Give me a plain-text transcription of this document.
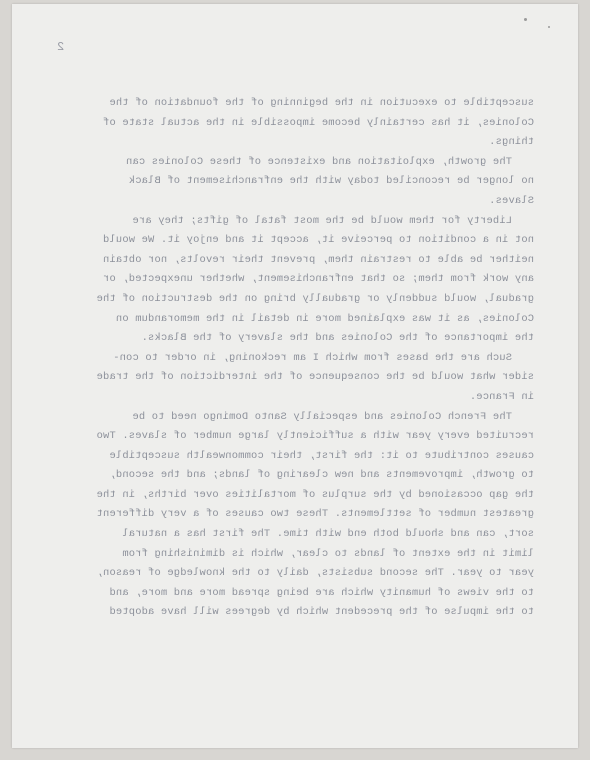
2
susceptible to execution in the beginning of the foundation of the
Colonies, it has certainly become impossible in the actual state of
things.
The growth, exploitation and existence of these Colonies can
no longer be reconciled today with the enfranchisement of Black
Slaves.
Liberty for them would be the most fatal of gifts; they are
not in a condition to perceive it, accept it and enjoy it. We would
neither be able to restrain them, prevent their revolts, nor obtain
any work from them; so that enfranchisement, whether unexpected, or
gradual, would suddenly or gradually bring on the destruction of the
Colonies, as it was explained more in detail in the memorandum on
the importance of the Colonies and the slavery of the Blacks.
Such are the bases from which I am reckoning, in order to con-
sider what would be the consequence of the interdiction of the trade
in France.
The French Colonies and especially Santo Domingo need to be
recruited every year with a sufficiently large number of slaves. Two
causes contribute to it: the first, their commonwealth susceptible
to growth, improvements and new clearing of lands; and the second,
the gap occasioned by the surplus of mortalities over births, in the
greatest number of settlements. These two causes of a very different
sort, can and should both end with time. The first has a natural
limit in the extent of lands to clear, which is diminishing from
year to year. The second subsists, daily to the knowledge of reason,
to the views of humanity which are being spread more and more, and
to the impulse of the precedent which by degrees will have adopted
